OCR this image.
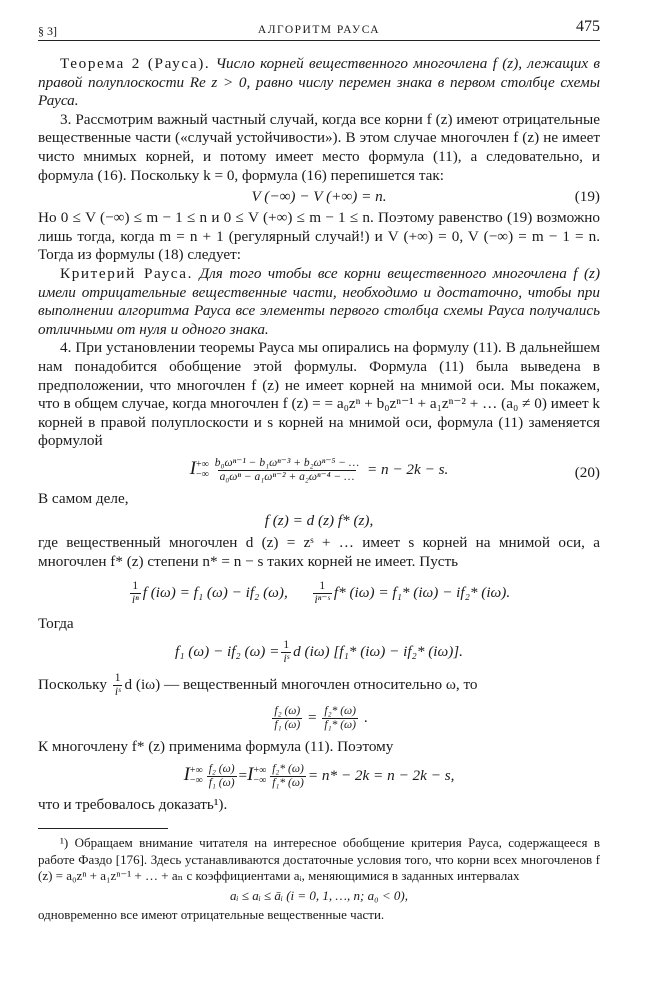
§ 3]	АЛГОРИТМ РАУСА	475

Теорема 2 (Рауса). Число корней вещественного многочлена f (z), лежащих в правой полуплоскости Re z > 0, равно числу перемен знака в первом столбце схемы Рауса.

3. Рассмотрим важный частный случай, когда все корни f (z) имеют отрицательные вещественные части («случай устойчивости»). В этом случае многочлен f (z) не имеет чисто мнимых корней, и потому имеет место формула (11), а следовательно, и формула (16). Поскольку k = 0, формула (16) перепишется так:

V (−∞) − V (+∞) = n.	(19)

Но 0 ≤ V (−∞) ≤ m − 1 ≤ n и 0 ≤ V (+∞) ≤ m − 1 ≤ n. Поэтому равенство (19) возможно лишь тогда, когда m = n + 1 (регулярный случай!) и V (+∞) = 0, V (−∞) = m − 1 = n. Тогда из формулы (18) следует:

Критерий Рауса. Для того чтобы все корни вещественного многочлена f (z) имели отрицательные вещественные части, необходимо и достаточно, чтобы при выполнении алгоритма Рауса все элементы первого столбца схемы Рауса получались отличными от нуля и одного знака.

4. При установлении теоремы Рауса мы опирались на формулу (11). В дальнейшем нам понадобится обобщение этой формулы. Формула (11) была выведена в предположении, что многочлен f (z) не имеет корней на мнимой оси. Мы покажем, что в общем случае, когда многочлен f (z) = = a₀zⁿ + b₀zⁿ⁻¹ + a₁zⁿ⁻² + … (a₀ ≠ 0) имеет k корней в правой полуплоскости и s корней на мнимой оси, формула (11) заменяется формулой

I +∞
−∞ $\frac{\text{b₀ωⁿ⁻¹ − b₁ωⁿ⁻³ + b₂ωⁿ⁻⁵ − …}}{\text{a₀ωⁿ − a₁ωⁿ⁻² + a₂ωⁿ⁻⁴ − …}} = n - 2k - s$.	(20)

В самом деле,

f (z) = d (z) f* (z),

где вещественный многочлен d (z) = zˢ + … имеет s корней на мнимой оси, а многочлен f* (z) степени n* = n − s таких корней не имеет. Пусть

$\frac{1}{\text{iⁿ}}$ f (iω) = f₁ (ω) − if₂ (ω), $\frac{1}{\text{iⁿ⁻ˢ}} f*$ (iω) = f₁* (iω) − if₂* (iω).

Тогда

f₁ (ω) − if₂ $(\omega) = \frac{1}{\text{iˢ}}$ d (iω) [f₁* (iω) − if₂* (iω)].

Поскольку $\frac{1}{\text{iˢ}}$ d (iω) — вещественный многочлен относительно ω, то

$\frac{\text{f₂ (ω)}}{\text{f₁ (ω)}} = \frac{\text{f₂* (ω)}}{\text{f₁* (ω)}}$ .

К многочлену f* (z) применима формула (11). Поэтому

I +∞
−∞ $\frac{\text{f₂ (ω)}}{\text{f₁ (ω)}} =I$ +∞
−∞ $\frac{\text{f₂* (ω)}}{\text{f₁* (ω)}} = n* - 2k = n - 2k - s$,

что и требовалось доказать¹).

¹) Обращаем внимание читателя на интересное обобщение критерия Рауса, содержащееся в работе Фаздо [176]. Здесь устанавливаются достаточные условия того, что корни всех многочленов f (z) = a₀zⁿ + a₁zⁿ⁻¹ + … + aₙ с коэффициентами aᵢ, меняющимися в заданных интервалах

aᵢ ≤ aᵢ ≤ āᵢ (i = 0, 1, …, n; a₀ < 0),

одновременно все имеют отрицательные вещественные части.
